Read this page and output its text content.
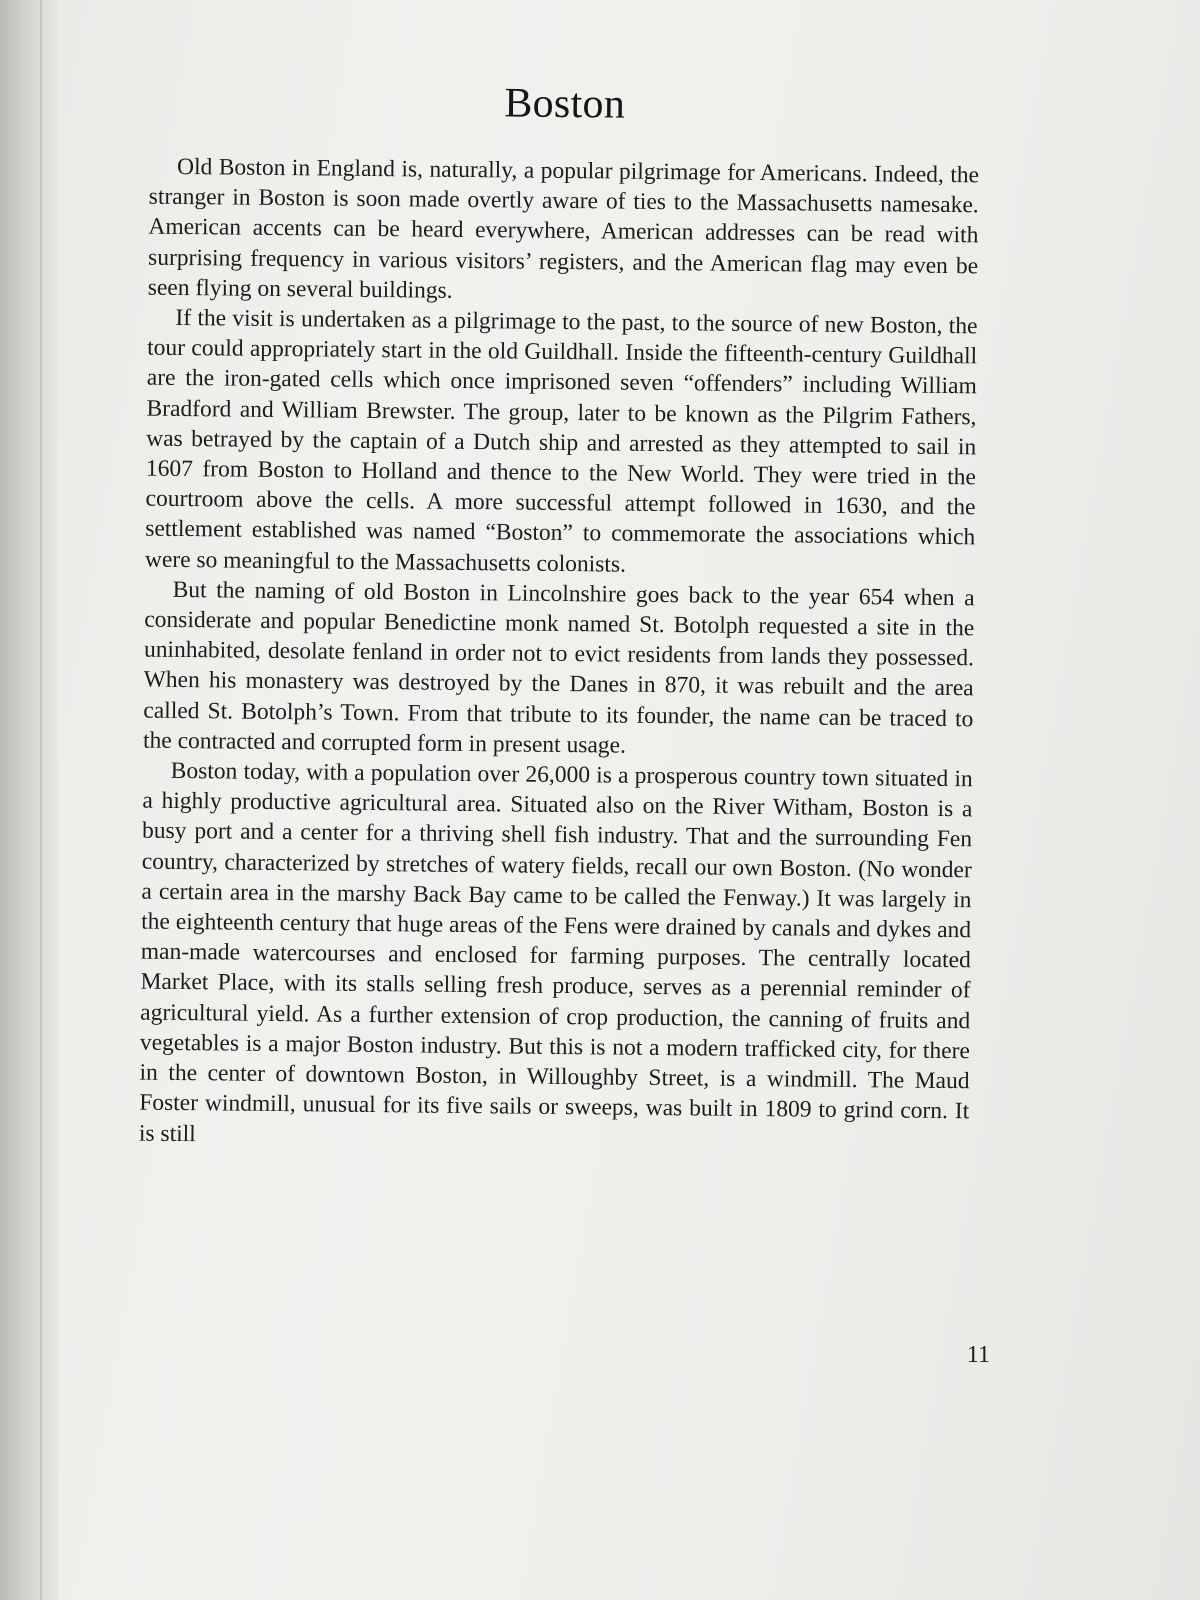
Boston

Old Boston in England is, naturally, a popular pilgrimage for Americans. Indeed, the stranger in Boston is soon made overtly aware of ties to the Massachusetts namesake. American accents can be heard everywhere, American addresses can be read with surprising frequency in various visitors’ registers, and the American flag may even be seen flying on several buildings.

If the visit is undertaken as a pilgrimage to the past, to the source of new Boston, the tour could appropriately start in the old Guildhall. Inside the fifteenth-century Guildhall are the iron-gated cells which once imprisoned seven “offenders” including William Bradford and William Brewster. The group, later to be known as the Pilgrim Fathers, was betrayed by the captain of a Dutch ship and arrested as they attempted to sail in 1607 from Boston to Holland and thence to the New World. They were tried in the courtroom above the cells. A more successful attempt followed in 1630, and the settlement established was named “Boston” to commemorate the associations which were so meaningful to the Massachusetts colonists.

But the naming of old Boston in Lincolnshire goes back to the year 654 when a considerate and popular Benedictine monk named St. Botolph requested a site in the uninhabited, desolate fenland in order not to evict residents from lands they possessed. When his monastery was destroyed by the Danes in 870, it was rebuilt and the area called St. Botolph’s Town. From that tribute to its founder, the name can be traced to the contracted and corrupted form in present usage.

Boston today, with a population over 26,000 is a prosperous country town situated in a highly productive agricultural area. Situated also on the River Witham, Boston is a busy port and a center for a thriving shell fish industry. That and the surrounding Fen country, characterized by stretches of watery fields, recall our own Boston. (No wonder a certain area in the marshy Back Bay came to be called the Fenway.) It was largely in the eighteenth century that huge areas of the Fens were drained by canals and dykes and man-made watercourses and enclosed for farming purposes. The centrally located Market Place, with its stalls selling fresh produce, serves as a perennial reminder of agricultural yield. As a further extension of crop production, the canning of fruits and vegetables is a major Boston industry. But this is not a modern trafficked city, for there in the center of downtown Boston, in Willoughby Street, is a windmill. The Maud Foster windmill, unusual for its five sails or sweeps, was built in 1809 to grind corn. It is still

11
